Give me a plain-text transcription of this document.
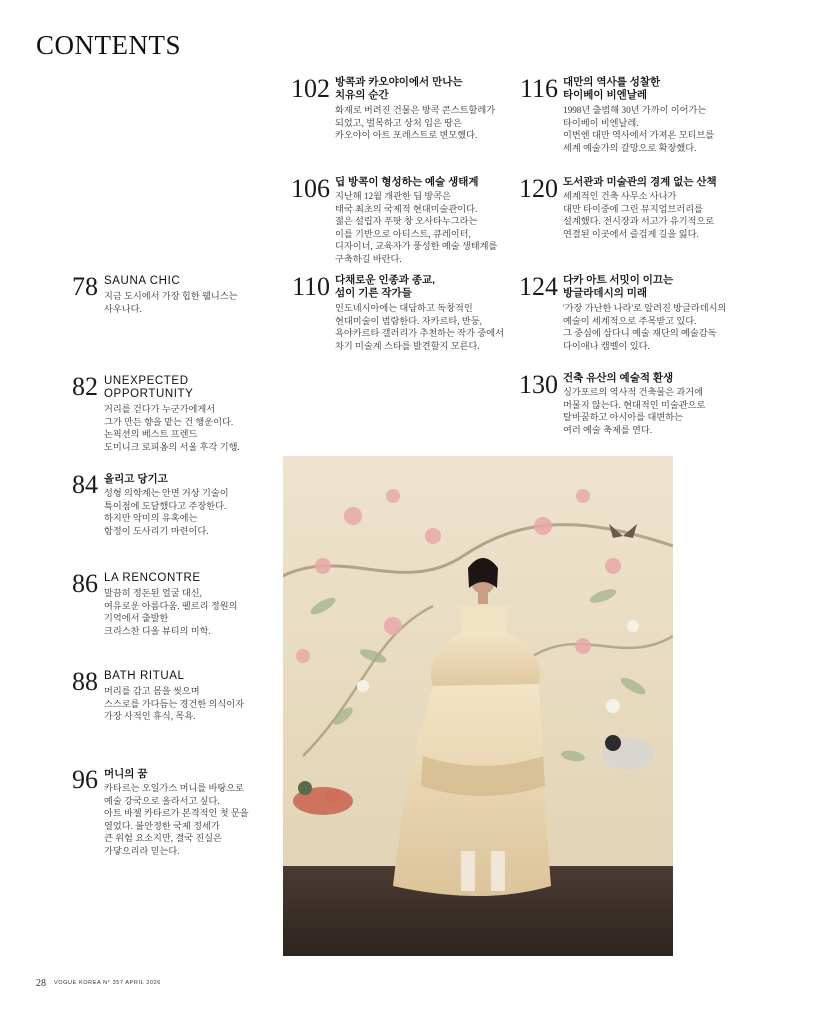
CONTENTS
102 방콕과 카오야이에서 만나는
치유의 순간
화재로 버려진 건물은 방콕 콘스트할레가
되었고, 벌목하고 상처 입은 땅은
카오야이 아트 포레스트로 변모했다.
106 딥 방콕이 형성하는 예술 생태계
지난해 12월 개관한 딥 방콕은
태국 최초의 국제적 현대미술관이다.
젊은 설립자 푸팟 창 오사타누그라는
이를 기반으로 아티스트, 큐레이터,
디자이너, 교육자가 풍성한 예술 생태계를
구축하길 바란다.
110 다채로운 인종과 종교,
섬이 기른 작가들
인도네시아에는 대담하고 독창적인
현대미술이 범람한다. 자카르타, 반둥,
욕야카르타 갤러리가 추천하는 작가 중에서
차기 미술계 스타를 발견할지 모른다.
116 대만의 역사를 성찰한
타이베이 비엔날레
1998년 출범해 30년 가까이 이어가는
타이베이 비엔날레.
이번엔 대만 역사에서 가져온 모티브를
세계 예술가의 갈망으로 확장했다.
120 도서관과 미술관의 경계 없는 산책
세계적인 건축 사무소 사나가
대만 타이중에 그린 뮤지엄브러리를
설계했다. 전시장과 서고가 유기적으로
연결된 이곳에서 즐겁게 길을 잃다.
124 다카 아트 서밋이 이끄는
방글라데시의 미래
'가장 가난한 나라'로 알려진 방글라데시의
예술이 세계적으로 주목받고 있다.
그 중심에 삼다니 예술 재단의 예술감독
다이애나 캠벨이 있다.
130 건축 유산의 예술적 환생
싱가포르의 역사적 건축물은 과거에
머물지 않는다. 현대적인 미술관으로
탈바꿈하고 아시아를 대변하는
여러 예술 축제를 연다.
78 SAUNA CHIC
지금 도시에서 가장 힙한 웰니스는
사우나다.
82 UNEXPECTED
OPPORTUNITY
거리를 걷다가 누군가에게서
그가 만든 향을 맡는 건 행운이다.
논픽션의 베스트 프렌드
도미니크 로피옹의 서울 후각 기행.
84 올리고 당기고
성형 의학계는 안면 거상 기술이
특이점에 도달했다고 주장한다.
하지만 악미의 유혹에는
함정이 도사리기 마련이다.
86 LA RENCONTRE
말끔히 정돈된 얼굴 대신,
여유로운 아름다움. 펠르리 정원의
기억에서 출발한
크리스찬 디올 뷰티의 미학.
88 BATH RITUAL
머리를 감고 몸을 씻으며
스스로를 가다듬는 경건한 의식이자
가장 사적인 휴식, 목욕.
96 머니의 꿈
카타르는 오일가스 머니를 바탕으로
예술 강국으로 올라서고 싶다.
아트 바젤 카타르가 본격적인 첫 문을
열었다. 불안정한 국제 정세가
큰 위험 요소지만, 결국 진실은
가닿으리라 믿는다.
28 $^{VOGUE KOREA N^\circ 357 APRIL 2026}$
